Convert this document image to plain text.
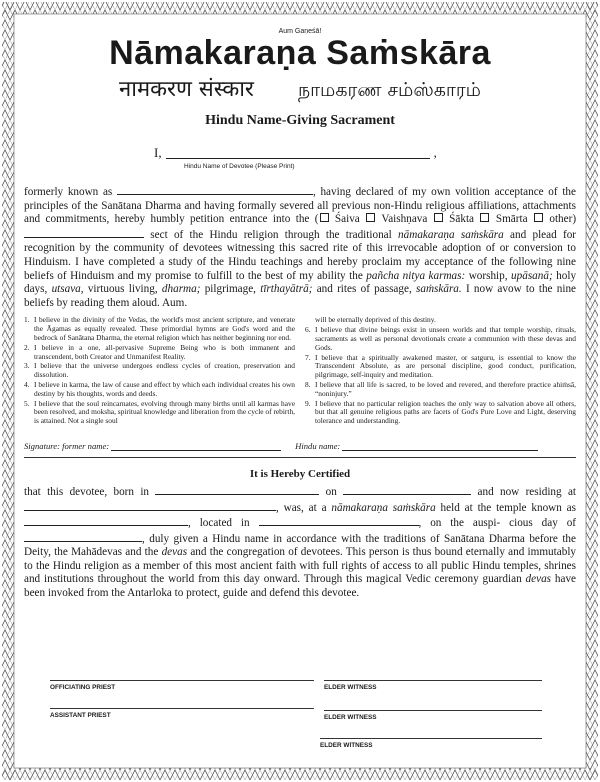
Aum Gaṇeśā!
Nāmakaraṇa Saṁskāra
नामकरण संस्कार நாமகரண சம்ஸ்காரம்
Hindu Name-Giving Sacrament
I,	,
Hindu Name of Devotee (Please Print)
formerly known as	, having declared of my own volition acceptance of the principles of the Sanātana Dharma and having formally severed all previous non-Hindu religious affiliations, attachments and commitments, hereby humbly petition entrance into the ( Śaiva Vaishṇava Śākta Smārta other)  sect of the Hindu religion through the traditional nāmakaraṇa saṁskāra and plead for recognition by the community of devotees witnessing this sacred rite of this irrevocable adoption of or conversion to Hinduism. I have completed a study of the Hindu teachings and hereby proclaim my acceptance of the following nine beliefs of Hinduism and my promise to fulfill to the best of my ability the pañcha nitya karmas: worship, upāsanā; holy days, utsava, virtuous living, dharma; pilgrimage, tīrthayātrā; and rites of passage, saṁskāra. I now avow to the nine beliefs by reading them aloud. Aum.
1. I believe in the divinity of the Vedas, the world's most ancient scripture, and venerate the Āgamas as equally revealed. These primordial hymns are God's word and the bedrock of Sanātana Dharma, the eternal religion which has neither beginning nor end.
2. I believe in a one, all-pervasive Supreme Being who is both immanent and transcendent, both Creator and Unmanifest Reality.
3. I believe that the universe undergoes endless cycles of creation, preservation and dissolution.
4. I believe in karma, the law of cause and effect by which each individual creates his own destiny by his thoughts, words and deeds.
5. I believe that the soul reincarnates, evolving through many births until all karmas have been resolved, and moksha, spiritual knowledge and liberation from the cycle of rebirth, is attained. Not a single soul
will be eternally deprived of this destiny.
6. I believe that divine beings exist in unseen worlds and that temple worship, rituals, sacraments as well as personal devotionals create a communion with these devas and Gods.
7. I believe that a spiritually awakened master, or satguru, is essential to know the Transcendent Absolute, as are personal discipline, good conduct, purification, pilgrimage, self-inquiry and meditation.
8. I believe that all life is sacred, to be loved and revered, and therefore practice ahiṁsā, “noninjury.”
9. I believe that no particular religion teaches the only way to salvation above all others, but that all genuine religious paths are facets of God's Pure Love and Light, deserving tolerance and understanding.
Signature: former name:	Hindu name:
It is Hereby Certified
that this devotee, born in	on	and now residing at , was, at a nāmakaraṇa saṁskāra held at the temple known as , located in	, on the auspi- cious day of , duly given a Hindu name in accordance with the traditions of Sanātana Dharma before the Deity, the Mahādevas and the devas and the congregation of devotees. This person is thus bound eternally and immutably to the Hindu religion as a member of this most ancient faith with full rights of access to all public Hindu temples, shrines and institutions throughout the world from this day onward. Through this magical Vedic ceremony guardian devas have been invoked from the Antarloka to protect, guide and defend this devotee.
OFFICIATING PRIEST	ELDER WITNESS
ASSISTANT PRIEST	ELDER WITNESS
ELDER WITNESS
